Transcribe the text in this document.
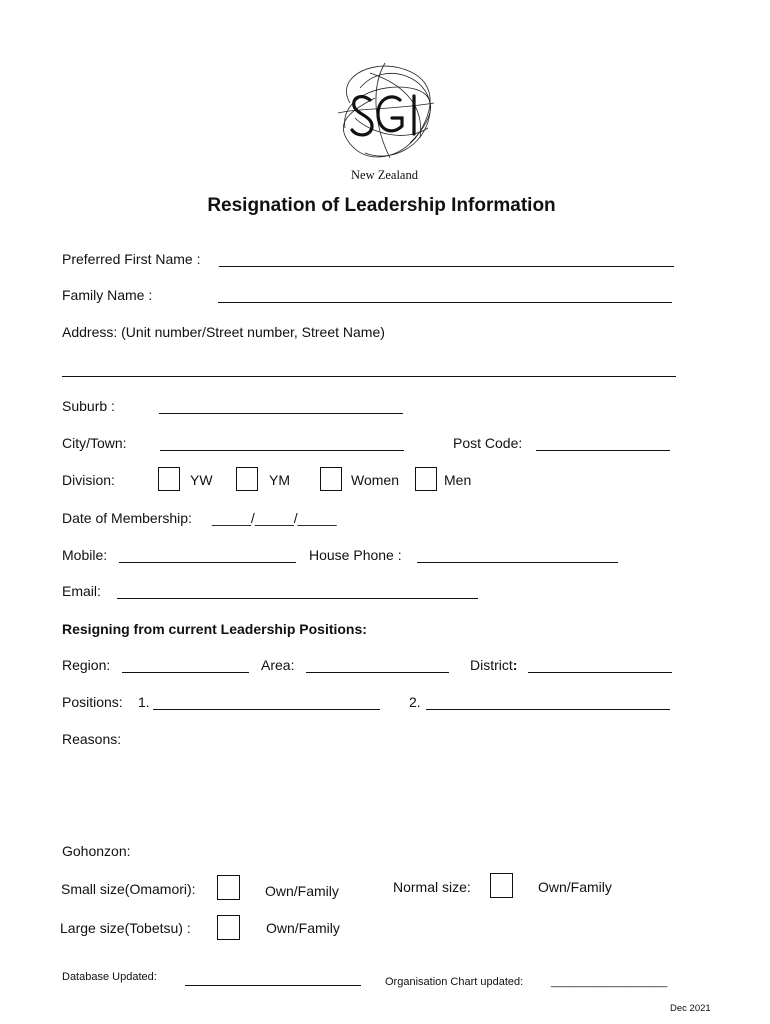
New Zealand
Resignation of Leadership Information
Preferred First Name :
Family Name :
Address: (Unit number/Street number, Street Name)
Suburb :
City/Town:	Post Code:
Division:	YW	YM	Women	Men
Date of Membership: _____/_____/_____
Mobile:	House Phone :
Email:
Resigning from current Leadership Positions:
Region:	Area:	District:
Positions: 1.	2.
Reasons:
Gohonzon:
Small size(Omamori):	Own/Family	Normal size:	Own/Family
Large size(Tobetsu) :	Own/Family
Database Updated:	Organisation Chart updated:	___________________
Dec 2021
